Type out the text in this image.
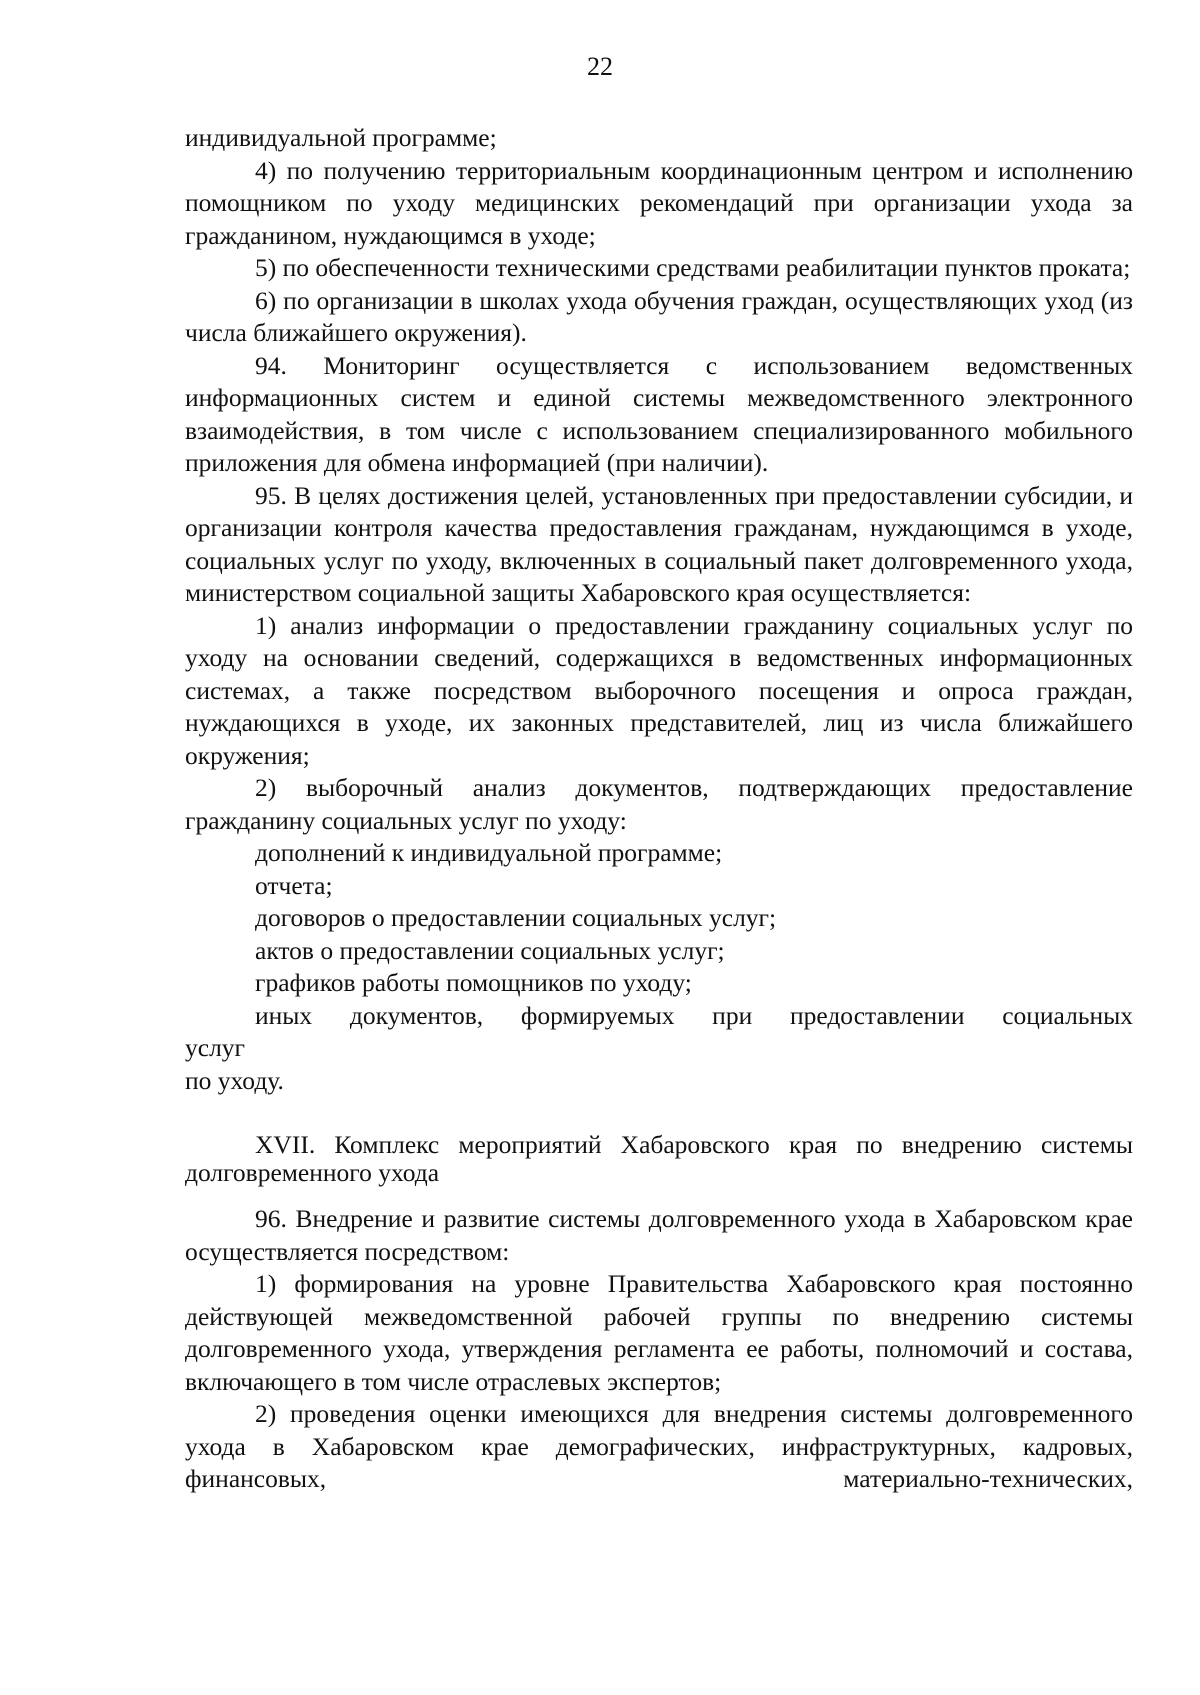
22

индивидуальной программе;

4) по получению территориальным координационным центром и исполнению помощником по уходу медицинских рекомендаций при организации ухода за гражданином, нуждающимся в уходе;

5) по обеспеченности техническими средствами реабилитации пунктов проката;

6) по организации в школах ухода обучения граждан, осуществляющих уход (из числа ближайшего окружения).

94. Мониторинг осуществляется с использованием ведомственных информационных систем и единой системы межведомственного электронного взаимодействия, в том числе с использованием специализированного мобильного приложения для обмена информацией (при наличии).

95. В целях достижения целей, установленных при предоставлении субсидии, и организации контроля качества предоставления гражданам, нуждающимся в уходе, социальных услуг по уходу, включенных в социальный пакет долговременного ухода, министерством социальной защиты Хабаровского края осуществляется:

1) анализ информации о предоставлении гражданину социальных услуг по уходу на основании сведений, содержащихся в ведомственных информационных системах, а также посредством выборочного посещения и опроса граждан, нуждающихся в уходе, их законных представителей, лиц из числа ближайшего окружения;

2) выборочный анализ документов, подтверждающих предоставление гражданину социальных услуг по уходу:

дополнений к индивидуальной программе;

отчета;

договоров о предоставлении социальных услуг;

актов о предоставлении социальных услуг;

графиков работы помощников по уходу;

иных документов, формируемых при предоставлении социальных

услуг

по уходу.

XVII. Комплекс мероприятий Хабаровского края по внедрению системы долговременного ухода

96. Внедрение и развитие системы долговременного ухода в Хабаровском крае осуществляется посредством:

1) формирования на уровне Правительства Хабаровского края постоянно действующей межведомственной рабочей группы по внедрению системы долговременного ухода, утверждения регламента ее работы, полномочий и состава, включающего в том числе отраслевых экспертов;

2) проведения оценки имеющихся для внедрения системы долговременного ухода в Хабаровском крае демографических, инфраструктурных, кадровых, финансовых, материально-технических,
